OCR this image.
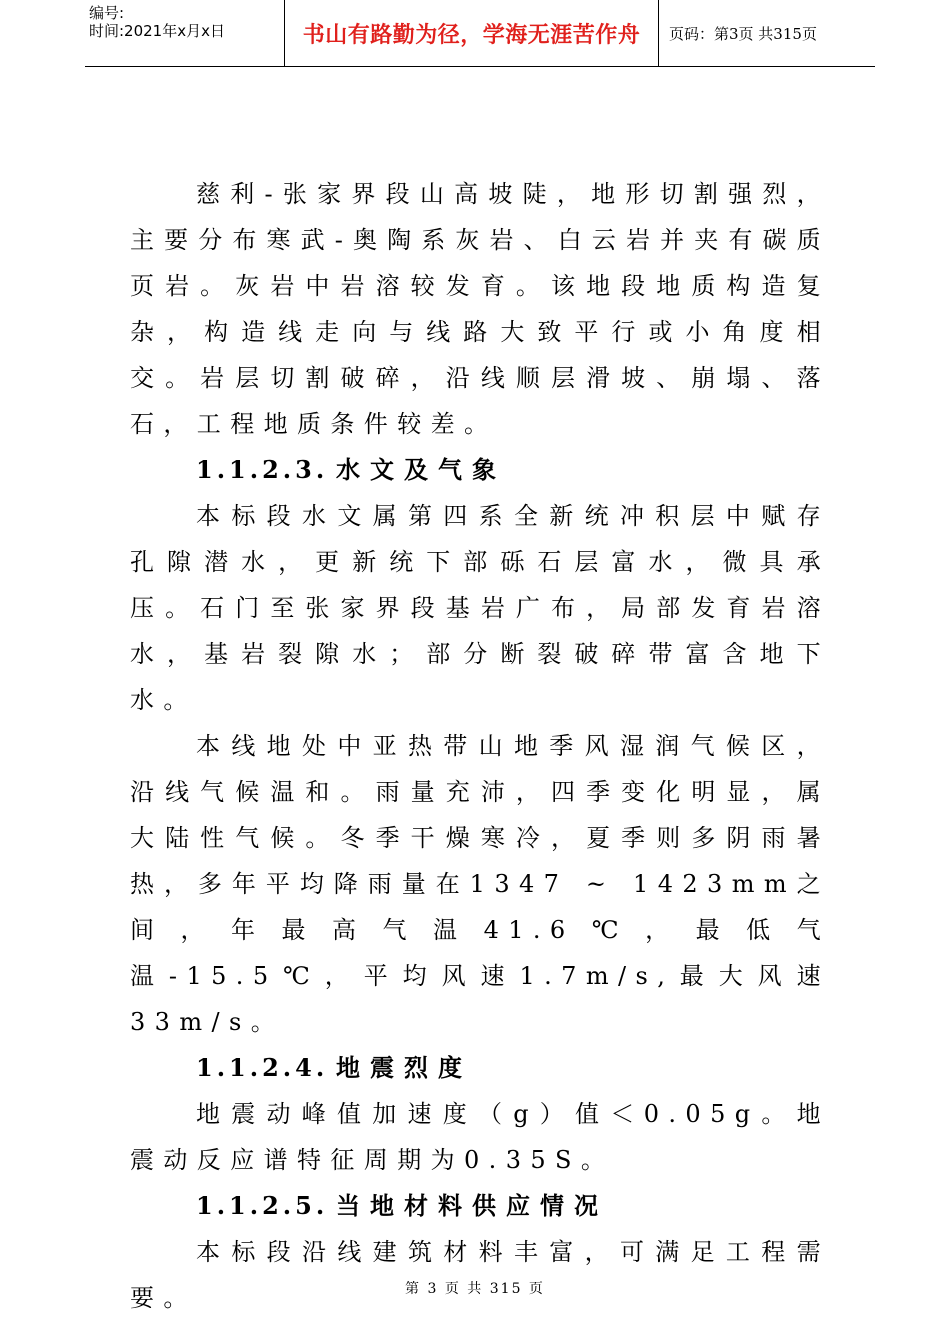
编号:
时间:2021年x月x日	书山有路勤为径，学海无涯苦作舟	页码：第3页 共315页

慈利-张家界段山高坡陡，地形切割强烈，主要分布寒武-奥陶系灰岩、白云岩并夹有碳质页岩。灰岩中岩溶较发育。该地段地质构造复杂，构造线走向与线路大致平行或小角度相交。岩层切割破碎，沿线顺层滑坡、崩塌、落石，工程地质条件较差。

1.1.2.3. 水文及气象

本标段水文属第四系全新统冲积层中赋存孔隙潜水，更新统下部砾石层富水，微具承压。石门至张家界段基岩广布，局部发育岩溶水，基岩裂隙水；部分断裂破碎带富含地下水。

本线地处中亚热带山地季风湿润气候区，沿线气候温和。雨量充沛，四季变化明显，属大陆性气候。冬季干燥寒冷，夏季则多阴雨暑热，多年平均降雨量在1347 ~ 1423mm之间，年最高气温41.6℃，最低气温-15.5℃，平均风速1.7m/s,最大风速33m/s。

1.1.2.4. 地震烈度

地震动峰值加速度（g）值＜0.05g。地震动反应谱特征周期为0.35S。

1.1.2.5. 当地材料供应情况

本标段沿线建筑材料丰富，可满足工程需要。	第 3 页 共 315 页
